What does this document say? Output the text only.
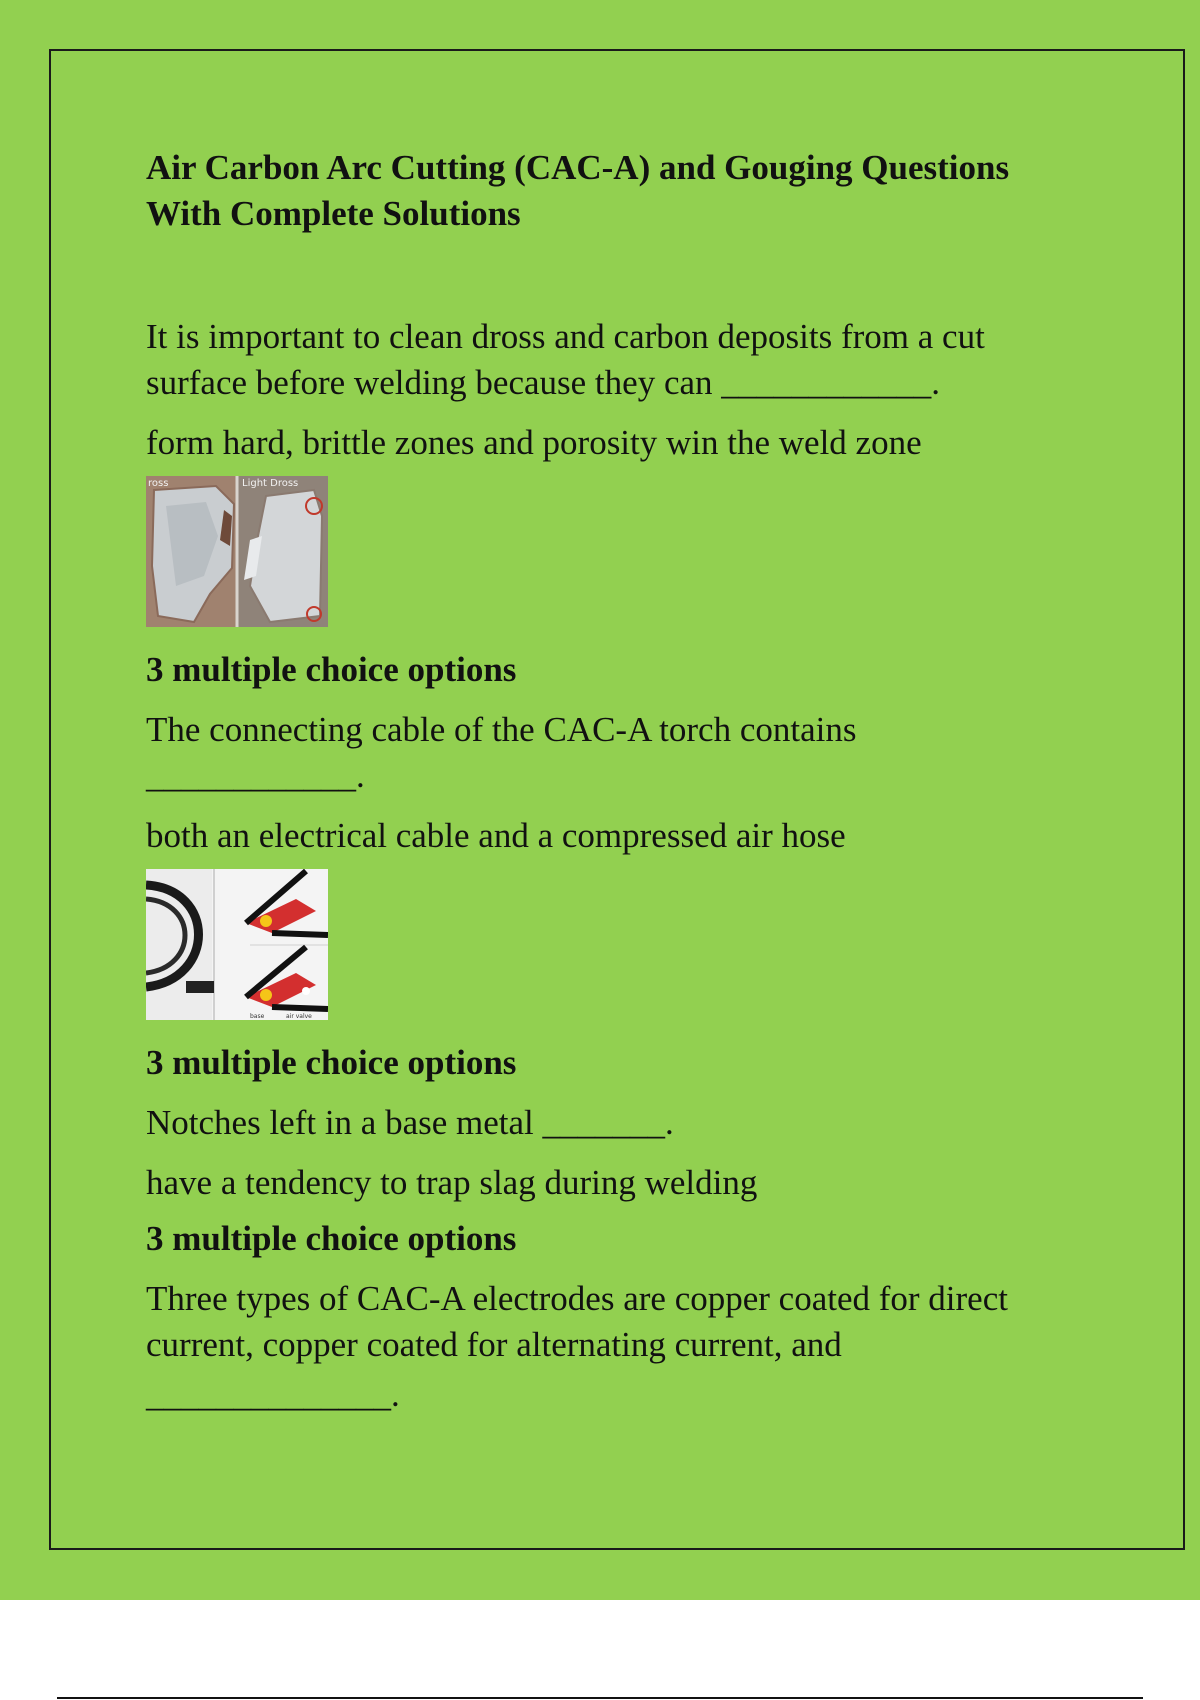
Air Carbon Arc Cutting (CAC-A) and Gouging Questions With Complete Solutions
It is important to clean dross and carbon deposits from a cut surface before welding because they can ____________.
form hard, brittle zones and porosity win the weld zone
ross	Light Dross
3 multiple choice options
The connecting cable of the CAC-A torch contains
____________.
both an electrical cable and a compressed air hose
base	air valve
3 multiple choice options
Notches left in a base metal _______.
have a tendency to trap slag during welding
3 multiple choice options
Three types of CAC-A electrodes are copper coated for direct current, copper coated for alternating current, and
______________.
